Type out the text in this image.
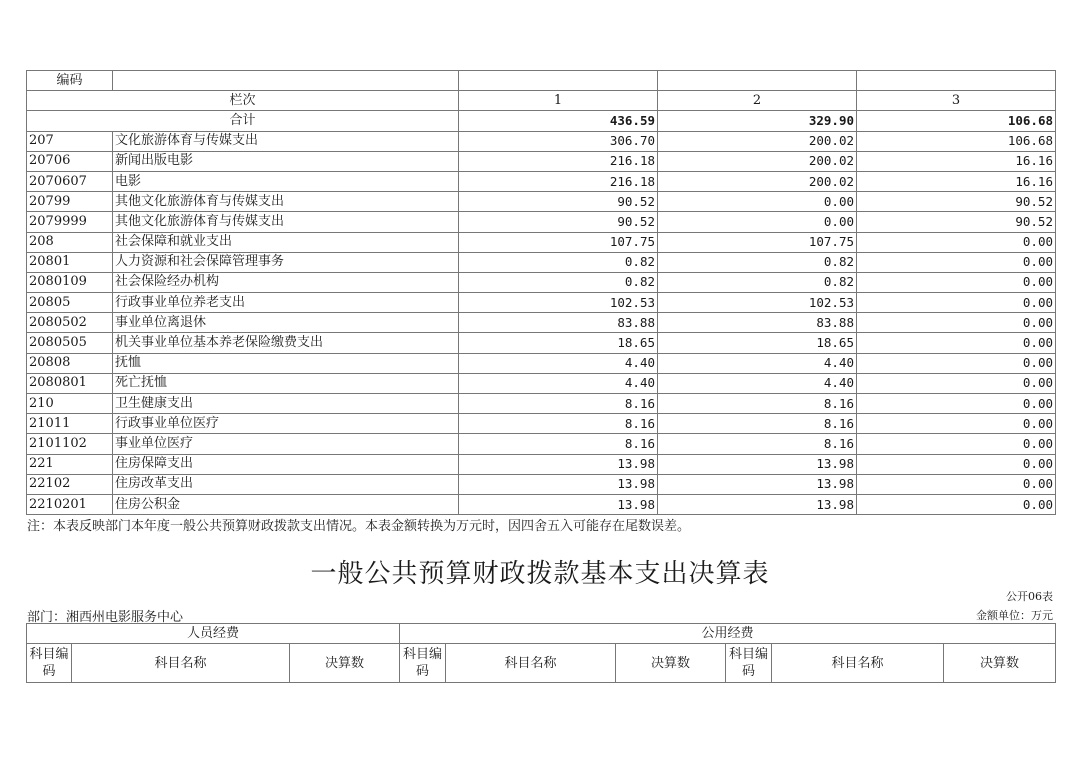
编码				
栏次		1	2	3
合计		436.59	329.90	106.68
207	文化旅游体育与传媒支出	306.70	200.02	106.68
20706	新闻出版电影	216.18	200.02	16.16
2070607	电影	216.18	200.02	16.16
20799	其他文化旅游体育与传媒支出	90.52	0.00	90.52
2079999	其他文化旅游体育与传媒支出	90.52	0.00	90.52
208	社会保障和就业支出	107.75	107.75	0.00
20801	人力资源和社会保障管理事务	0.82	0.82	0.00
2080109	社会保险经办机构	0.82	0.82	0.00
20805	行政事业单位养老支出	102.53	102.53	0.00
2080502	事业单位离退休	83.88	83.88	0.00
2080505	机关事业单位基本养老保险缴费支出	18.65	18.65	0.00
20808	抚恤	4.40	4.40	0.00
2080801	死亡抚恤	4.40	4.40	0.00
210	卫生健康支出	8.16	8.16	0.00
21011	行政事业单位医疗	8.16	8.16	0.00
2101102	事业单位医疗	8.16	8.16	0.00
221	住房保障支出	13.98	13.98	0.00
22102	住房改革支出	13.98	13.98	0.00
2210201	住房公积金	13.98	13.98	0.00
注：本表反映部门本年度一般公共预算财政拨款支出情况。本表金额转换为万元时，因四舍五入可能存在尾数误差。
一般公共预算财政拨款基本支出决算表
公开06表
部门：湘西州电影服务中心	金额单位：万元
人员经费			公用经费					
科目编码	科目名称	决算数	科目编码	科目名称	决算数	科目编码	科目名称	决算数
